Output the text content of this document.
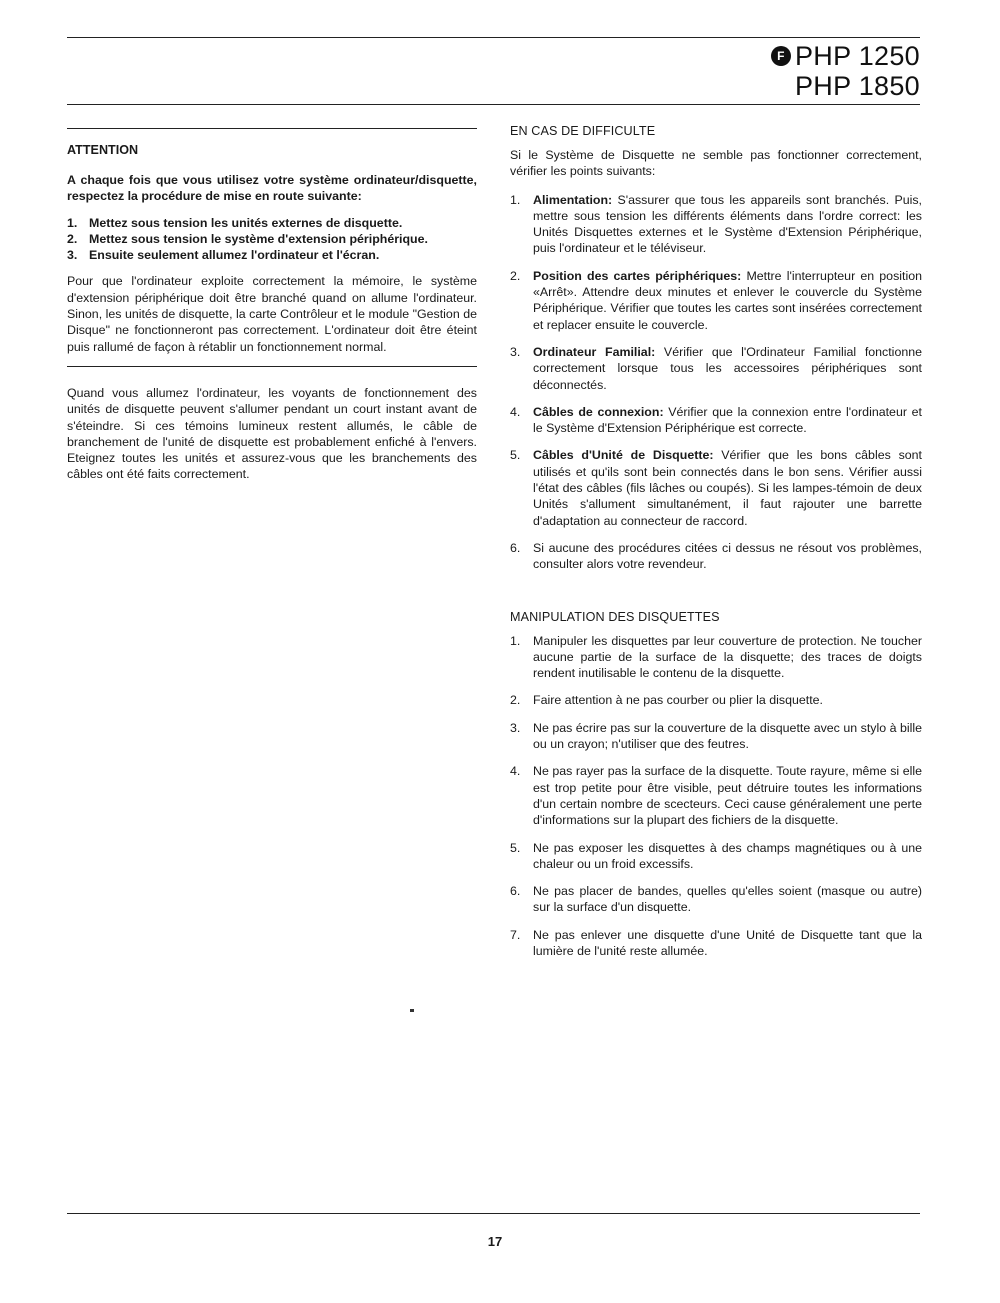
F PHP 1250
PHP 1850
ATTENTION

A chaque fois que vous utilisez votre système ordinateur/disquette, respectez la procédure de mise en route suivante:

1. Mettez sous tension les unités externes de disquette.
2. Mettez sous tension le système d'extension périphérique.
3. Ensuite seulement allumez l'ordinateur et l'écran.

Pour que l'ordinateur exploite correctement la mémoire, le système d'extension périphérique doit être branché quand on allume l'ordinateur. Sinon, les unités de disquette, la carte Contrôleur et le module "Gestion de Disque" ne fonctionneront pas correctement. L'ordinateur doit être éteint puis rallumé de façon à rétablir un fonctionnement normal.

Quand vous allumez l'ordinateur, les voyants de fonctionnement des unités de disquette peuvent s'allumer pendant un court instant avant de s'éteindre. Si ces témoins lumineux restent allumés, le câble de branchement de l'unité de disquette est probablement enfiché à l'envers. Eteignez toutes les unités et assurez-vous que les branchements des câbles ont été faits correctement.

EN CAS DE DIFFICULTE

Si le Système de Disquette ne semble pas fonctionner correctement, vérifier les points suivants:

1.	Alimentation: S'assurer que tous les appareils sont branchés. Puis, mettre sous tension les différents éléments dans l'ordre correct: les Unités Disquettes externes et le Système d'Extension Périphérique, puis l'ordinateur et le téléviseur.

2.	Position des cartes périphériques: Mettre l'interrupteur en position «Arrêt». Attendre deux minutes et enlever le couvercle du Système Périphérique. Vérifier que toutes les cartes sont insérées correctement et replacer ensuite le couvercle.

3.	Ordinateur Familial: Vérifier que l'Ordinateur Familial fonctionne correctement lorsque tous les accessoires périphériques sont déconnectés.

4.	Câbles de connexion: Vérifier que la connexion entre l'ordinateur et le Système d'Extension Périphérique est correcte.

5.	Câbles d'Unité de Disquette: Vérifier que les bons câbles sont utilisés et qu'ils sont bein connectés dans le bon sens. Vérifier aussi l'état des câbles (fils lâches ou coupés). Si les lampes-témoin de deux Unités s'allument simultanément, il faut rajouter une barrette d'adaptation au connecteur de raccord.

6.	Si aucune des procédures citées ci dessus ne résout vos problèmes, consulter alors votre revendeur.

MANIPULATION DES DISQUETTES
1.	Manipuler les disquettes par leur couverture de protection. Ne toucher aucune partie de la surface de la disquette; des traces de doigts rendent inutilisable le contenu de la disquette.

2.	Faire attention à ne pas courber ou plier la disquette.

3.	Ne pas écrire pas sur la couverture de la disquette avec un stylo à bille ou un crayon; n'utiliser que des feutres.

4.	Ne pas rayer pas la surface de la disquette. Toute rayure, même si elle est trop petite pour être visible, peut détruire toutes les informations d'un certain nombre de scecteurs. Ceci cause généralement une perte d'informations sur la plupart des fichiers de la disquette.

5.	Ne pas exposer les disquettes à des champs magnétiques ou à une chaleur ou un froid excessifs.

6.	Ne pas placer de bandes, quelles qu'elles soient (masque ou autre) sur la surface d'un disquette.

7.	Ne pas enlever une disquette d'une Unité de Disquette tant que la lumière de l'unité reste allumée.

17
